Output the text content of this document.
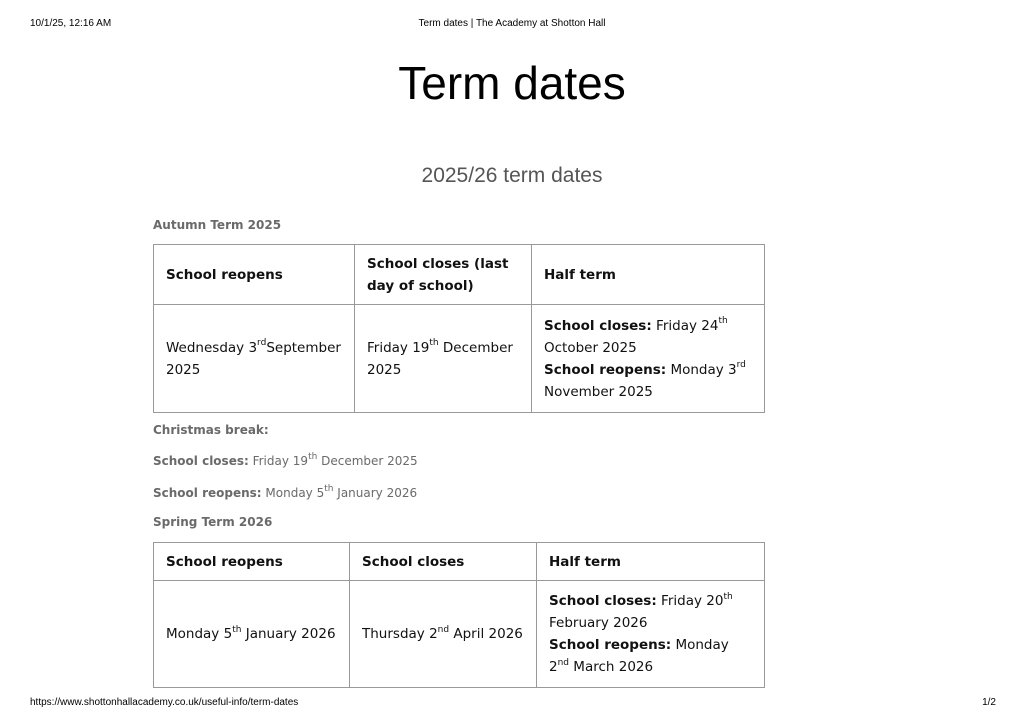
10/1/25, 12:16 AM	Term dates | The Academy at Shotton Hall
Term dates
2025/26 term dates
Autumn Term 2025
School reopens	School closes (last day of school)	Half term
Wednesday 3rdSeptember 2025	Friday 19th December 2025	School closes: Friday 24th October 2025
School reopens: Monday 3rd November 2025
Christmas break:
School closes: Friday 19th December 2025
School reopens: Monday 5th January 2026
Spring Term 2026
School reopens	School closes	Half term
Monday 5th January 2026	Thursday 2nd April 2026	School closes: Friday 20th February 2026
School reopens: Monday 2nd March 2026
https://www.shottonhallacademy.co.uk/useful-info/term-dates	1/2
